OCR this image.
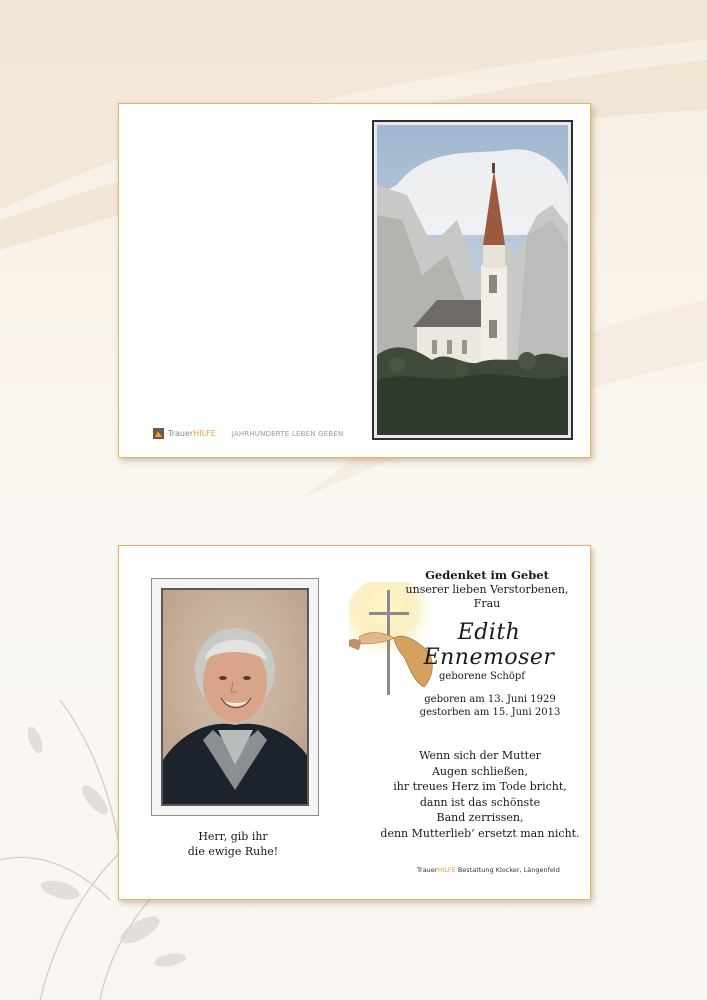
Trauer HILFE JAHRHUNDERTE LEBEN GEBEN
Herr, gib ihr
die ewige Ruhe!
Gedenket im Gebet
unserer lieben Verstorbenen,
Frau
Edith Ennemoser
geborene Schöpf
geboren am 13. Juni 1929
gestorben am 15. Juni 2013
Wenn sich der Mutter
Augen schließen,
ihr treues Herz im Tode bricht,
dann ist das schönste
Band zerrissen,
denn Mutterlieb’ ersetzt man nicht.
TrauerHILFE Bestattung Klocker, Längenfeld
